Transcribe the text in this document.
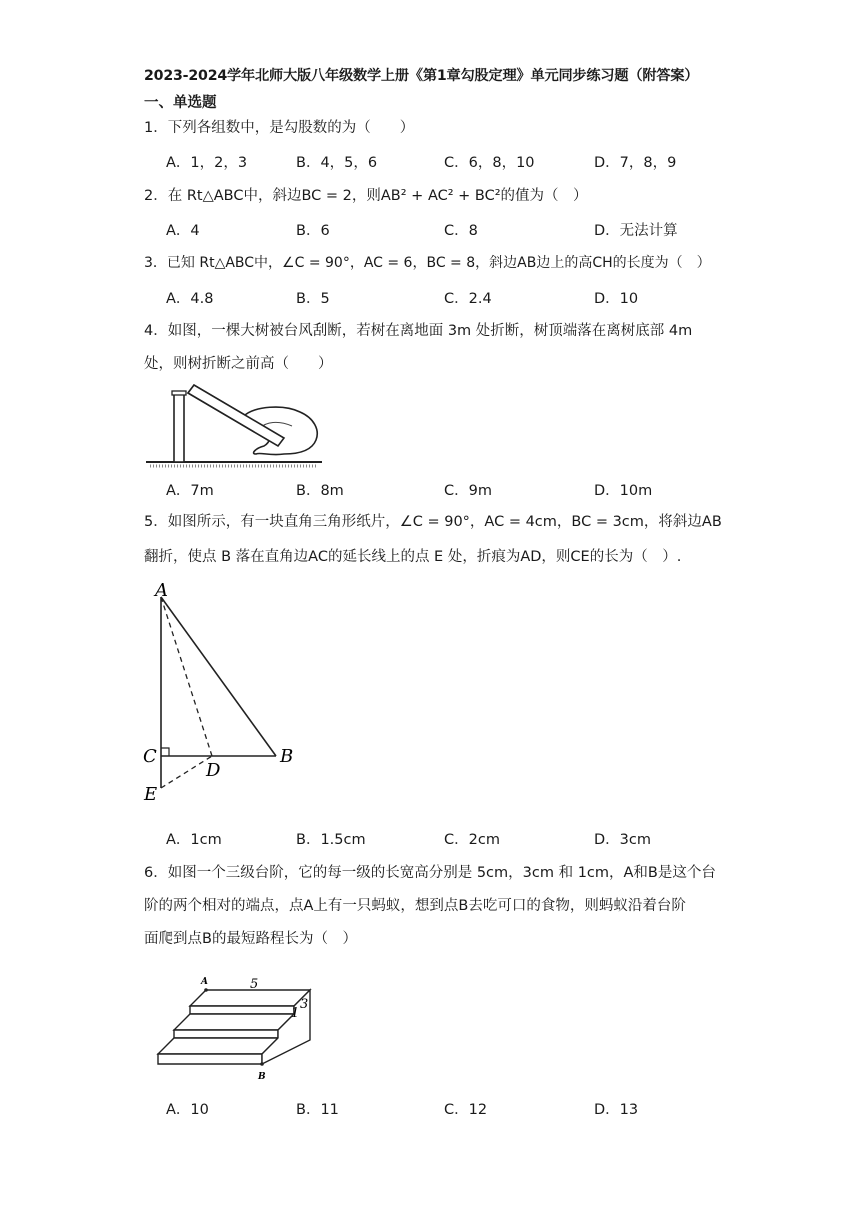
2023-2024学年北师大版八年级数学上册《第1章勾股定理》单元同步练习题（附答案）
一、单选题
1．下列各组数中，是勾股数的为（　　）
A．1，2，3	B．4，5，6	C．6，8，10	D．7，8，9
2．在 Rt△ABC中，斜边BC = 2，则AB² + AC² + BC²的值为（　）
A．4	B．6	C．8	D．无法计算
3．已知 Rt△ABC中，∠C = 90°，AC = 6，BC = 8，斜边AB边上的高CH的长度为（　）
A．4.8	B．5	C．2.4	D．10
4．如图，一棵大树被台风刮断，若树在离地面 3m 处折断，树顶端落在离树底部 4m
处，则树折断之前高（　　）
A．7m	B．8m	C．9m	D．10m
5．如图所示，有一块直角三角形纸片，∠C = 90°，AC = 4cm，BC = 3cm，将斜边AB
翻折，使点 B 落在直角边AC的延长线上的点 E 处，折痕为AD，则CE的长为（　）.
A
B
C
D
E
A．1cm	B．1.5cm	C．2cm	D．3cm
6．如图一个三级台阶，它的每一级的长宽高分别是 5cm，3cm 和 1cm，A和B是这个台
阶的两个相对的端点，点A上有一只蚂蚁，想到点B去吃可口的食物，则蚂蚁沿着台阶
面爬到点B的最短路程长为（　）
A
B
5
3
1
A．10	B．11	C．12	D．13
